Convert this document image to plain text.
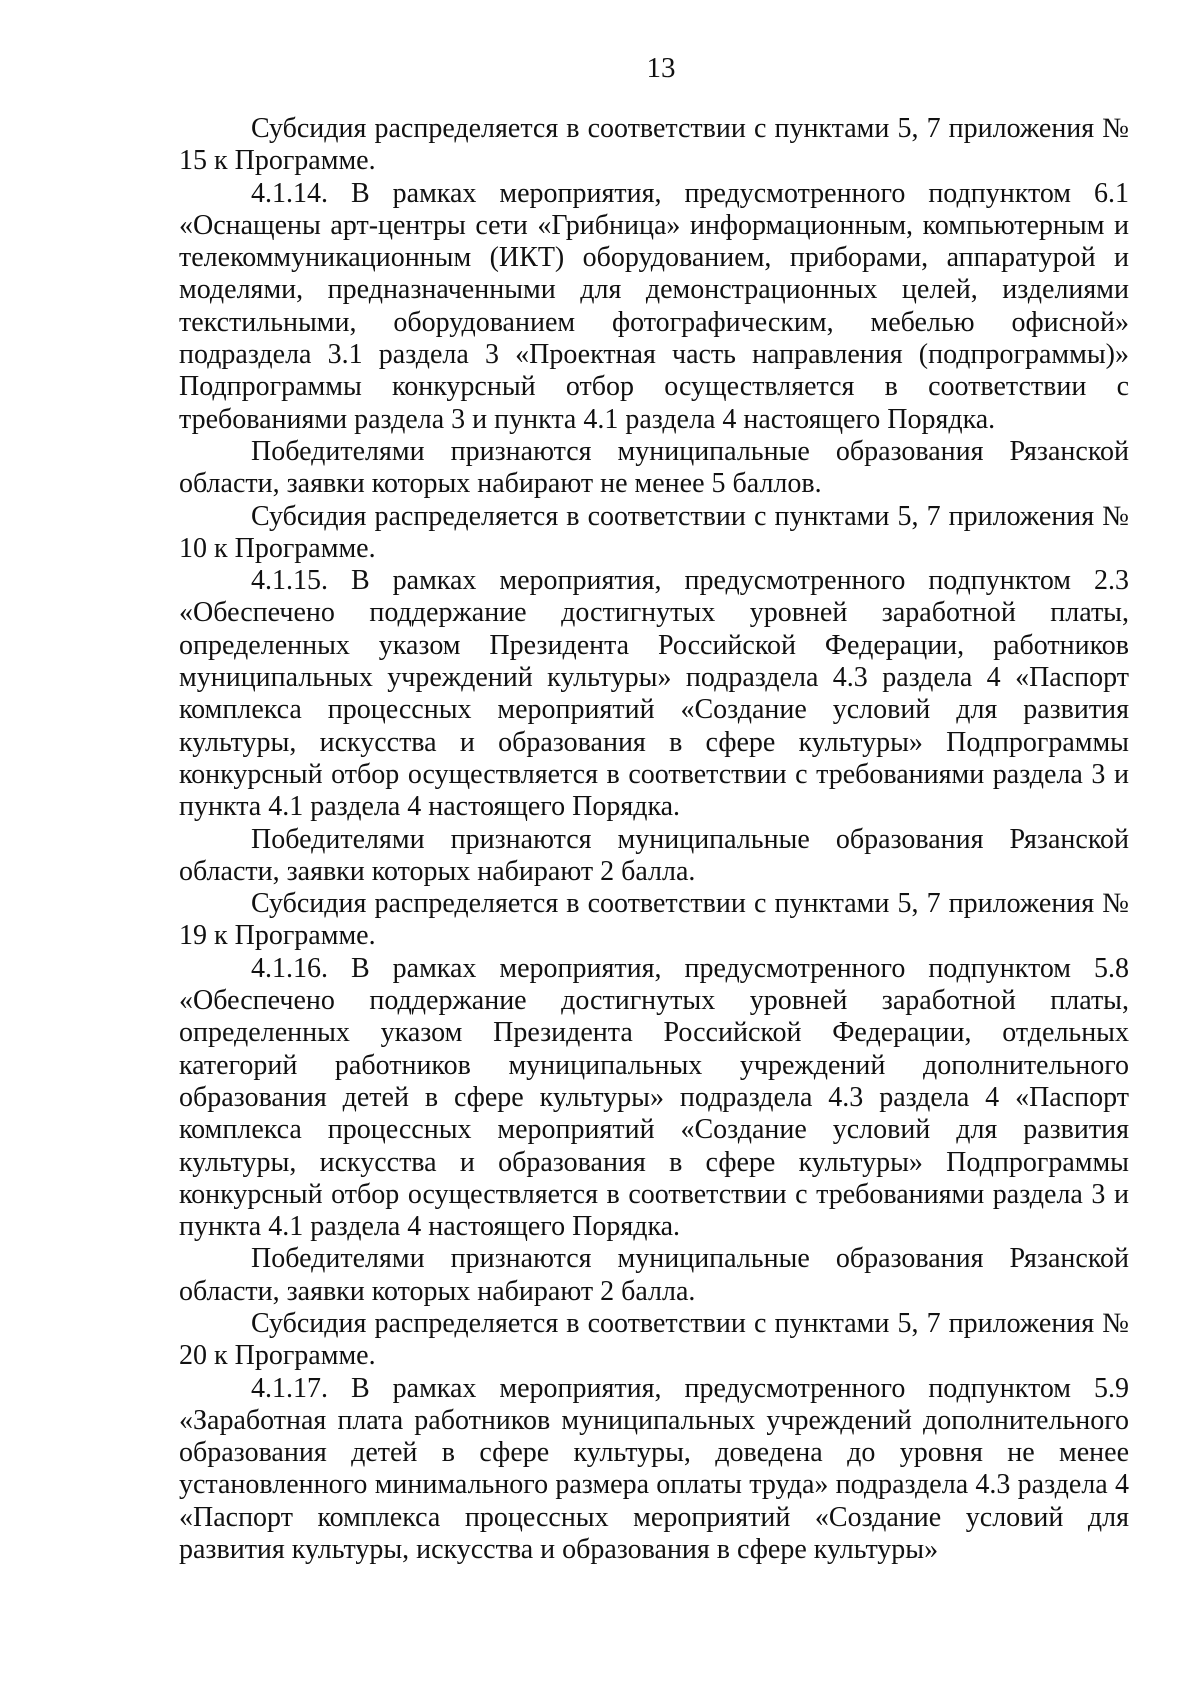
13

Субсидия распределяется в соответствии с пунктами 5, 7 приложения № 15 к Программе.

4.1.14. В рамках мероприятия, предусмотренного подпунктом 6.1 «Оснащены арт-центры сети «Грибница» информационным, компьютерным и телекоммуникационным (ИКТ) оборудованием, приборами, аппаратурой и моделями, предназначенными для демонстрационных целей, изделиями текстильными, оборудованием фотографическим, мебелью офисной» подраздела 3.1 раздела 3 «Проектная часть направления (подпрограммы)» Подпрограммы конкурсный отбор осуществляется в соответствии с требованиями раздела 3 и пункта 4.1 раздела 4 настоящего Порядка.

Победителями признаются муниципальные образования Рязанской области, заявки которых набирают не менее 5 баллов.

Субсидия распределяется в соответствии с пунктами 5, 7 приложения № 10 к Программе.

4.1.15. В рамках мероприятия, предусмотренного подпунктом 2.3 «Обеспечено поддержание достигнутых уровней заработной платы, определенных указом Президента Российской Федерации, работников муниципальных учреждений культуры» подраздела 4.3 раздела 4 «Паспорт комплекса процессных мероприятий «Создание условий для развития культуры, искусства и образования в сфере культуры» Подпрограммы конкурсный отбор осуществляется в соответствии с требованиями раздела 3 и пункта 4.1 раздела 4 настоящего Порядка.

Победителями признаются муниципальные образования Рязанской области, заявки которых набирают 2 балла.

Субсидия распределяется в соответствии с пунктами 5, 7 приложения № 19 к Программе.

4.1.16. В рамках мероприятия, предусмотренного подпунктом 5.8 «Обеспечено поддержание достигнутых уровней заработной платы, определенных указом Президента Российской Федерации, отдельных категорий работников муниципальных учреждений дополнительного образования детей в сфере культуры» подраздела 4.3 раздела 4 «Паспорт комплекса процессных мероприятий «Создание условий для развития культуры, искусства и образования в сфере культуры» Подпрограммы конкурсный отбор осуществляется в соответствии с требованиями раздела 3 и пункта 4.1 раздела 4 настоящего Порядка.

Победителями признаются муниципальные образования Рязанской области, заявки которых набирают 2 балла.

Субсидия распределяется в соответствии с пунктами 5, 7 приложения № 20 к Программе.

4.1.17. В рамках мероприятия, предусмотренного подпунктом 5.9 «Заработная плата работников муниципальных учреждений дополнительного образования детей в сфере культуры, доведена до уровня не менее установленного минимального размера оплаты труда» подраздела 4.3 раздела 4 «Паспорт комплекса процессных мероприятий «Создание условий для развития культуры, искусства и образования в сфере культуры»
